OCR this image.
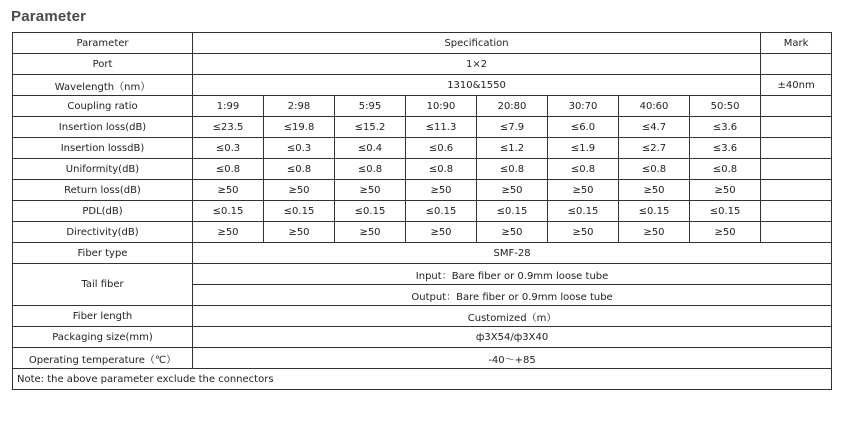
Parameter
Parameter	Specification								Mark
Port	1×2								
Wavelength（nm）	1310&1550								±40nm
Coupling ratio	1:99	2:98	5:95	10:90	20:80	30:70	40:60	50:50	
Insertion loss(dB)	≤23.5	≤19.8	≤15.2	≤11.3	≤7.9	≤6.0	≤4.7	≤3.6	
Insertion lossdB)	≤0.3	≤0.3	≤0.4	≤0.6	≤1.2	≤1.9	≤2.7	≤3.6	
Uniformity(dB)	≤0.8	≤0.8	≤0.8	≤0.8	≤0.8	≤0.8	≤0.8	≤0.8	
Return loss(dB)	≥50	≥50	≥50	≥50	≥50	≥50	≥50	≥50	
PDL(dB)	≤0.15	≤0.15	≤0.15	≤0.15	≤0.15	≤0.15	≤0.15	≤0.15	
Directivity(dB)	≥50	≥50	≥50	≥50	≥50	≥50	≥50	≥50	
Fiber type	SMF-28								
Tail fiber	Input：Bare fiber or 0.9mm loose tube								
	Output：Bare fiber or 0.9mm loose tube								
Fiber length	Customized（m）								
Packaging size(mm)	ф3X54/ф3X40								
Operating temperature（℃）	-40～+85								
Note: the above parameter exclude the connectors									
